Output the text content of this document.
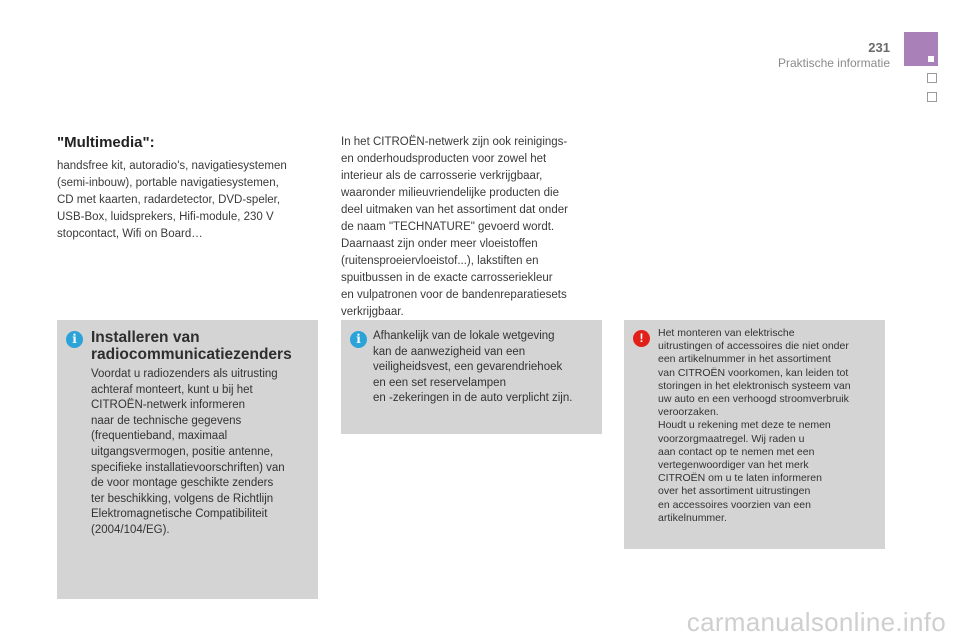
231
Praktische informatie
"Multimedia":
handsfree kit, autoradio's, navigatiesystemen
(semi-inbouw), portable navigatiesystemen,
CD met kaarten, radardetector, DVD-speler,
USB-Box, luidsprekers, Hifi-module, 230 V
stopcontact, Wifi on Board…
In het CITROËN-netwerk zijn ook reinigings-
en onderhoudsproducten voor zowel het
interieur als de carrosserie verkrijgbaar,
waaronder milieuvriendelijke producten die
deel uitmaken van het assortiment dat onder
de naam "TECHNATURE" gevoerd wordt.
Daarnaast zijn onder meer vloeistoffen
(ruitensproeiervloeistof...), lakstiften en
spuitbussen in de exacte carrosseriekleur
en vulpatronen voor de bandenreparatiesets
verkrijgbaar.
i Installeren van
radiocommunicatiezenders
Voordat u radiozenders als uitrusting
achteraf monteert, kunt u bij het
CITROËN-netwerk informeren
naar de technische gegevens
(frequentieband, maximaal
uitgangsvermogen, positie antenne,
specifieke installatievoorschriften) van
de voor montage geschikte zenders
ter beschikking, volgens de Richtlijn
Elektromagnetische Compatibiliteit
(2004/104/EG).
i	Afhankelijk van de lokale wetgeving
kan de aanwezigheid van een
veiligheidsvest, een gevarendriehoek
en een set reservelampen
en -zekeringen in de auto verplicht zijn.
!	Het monteren van elektrische
uitrustingen of accessoires die niet onder
een artikelnummer in het assortiment
van CITROËN voorkomen, kan leiden tot
storingen in het elektronisch systeem van
uw auto en een verhoogd stroomverbruik
veroorzaken.
Houdt u rekening met deze te nemen
voorzorgmaatregel. Wij raden u
aan contact op te nemen met een
vertegenwoordiger van het merk
CITROËN om u te laten informeren
over het assortiment uitrustingen
en accessoires voorzien van een
artikelnummer.
carmanualsonline.info
